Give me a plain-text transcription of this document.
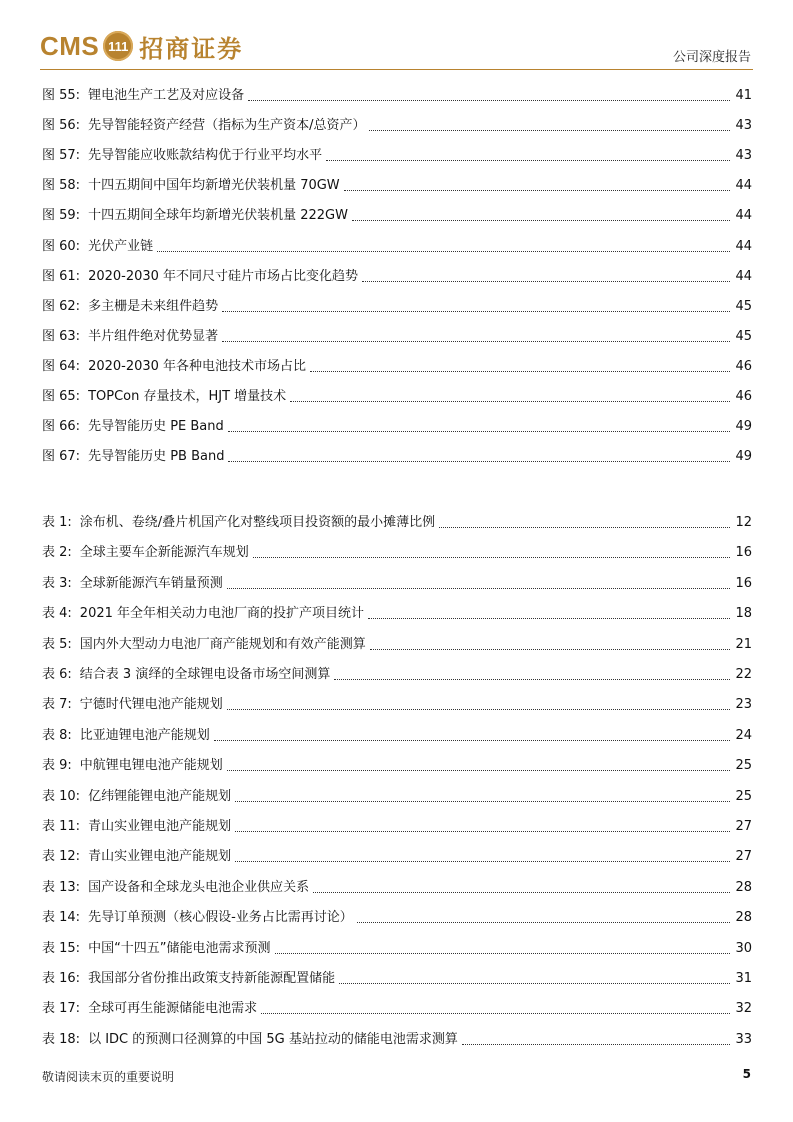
CMS 111 招商证券	公司深度报告
图 55: 锂电池生产工艺及对应设备	41
图 56: 先导智能轻资产经营（指标为生产资本/总资产）	43
图 57: 先导智能应收账款结构优于行业平均水平	43
图 58: 十四五期间中国年均新增光伏装机量 70GW	44
图 59: 十四五期间全球年均新增光伏装机量 222GW	44
图 60: 光伏产业链	44
图 61: 2020-2030 年不同尺寸硅片市场占比变化趋势	44
图 62: 多主栅是未来组件趋势	45
图 63: 半片组件绝对优势显著	45
图 64: 2020-2030 年各种电池技术市场占比	46
图 65: TOPCon 存量技术，HJT 增量技术	46
图 66: 先导智能历史 PE Band	49
图 67: 先导智能历史 PB Band	49
表 1: 涂布机、卷绕/叠片机国产化对整线项目投资额的最小摊薄比例	12
表 2: 全球主要车企新能源汽车规划	16
表 3: 全球新能源汽车销量预测	16
表 4: 2021 年全年相关动力电池厂商的投扩产项目统计	18
表 5: 国内外大型动力电池厂商产能规划和有效产能测算	21
表 6: 结合表 3 演绎的全球锂电设备市场空间测算	22
表 7: 宁德时代锂电池产能规划	23
表 8: 比亚迪锂电池产能规划	24
表 9: 中航锂电锂电池产能规划	25
表 10: 亿纬锂能锂电池产能规划	25
表 11: 青山实业锂电池产能规划	27
表 12: 青山实业锂电池产能规划	27
表 13: 国产设备和全球龙头电池企业供应关系	28
表 14: 先导订单预测（核心假设-业务占比需再讨论）	28
表 15: 中国“十四五”储能电池需求预测	30
表 16: 我国部分省份推出政策支持新能源配置储能	31
表 17: 全球可再生能源储能电池需求	32
表 18: 以 IDC 的预测口径测算的中国 5G 基站拉动的储能电池需求测算	33
敬请阅读末页的重要说明	5
